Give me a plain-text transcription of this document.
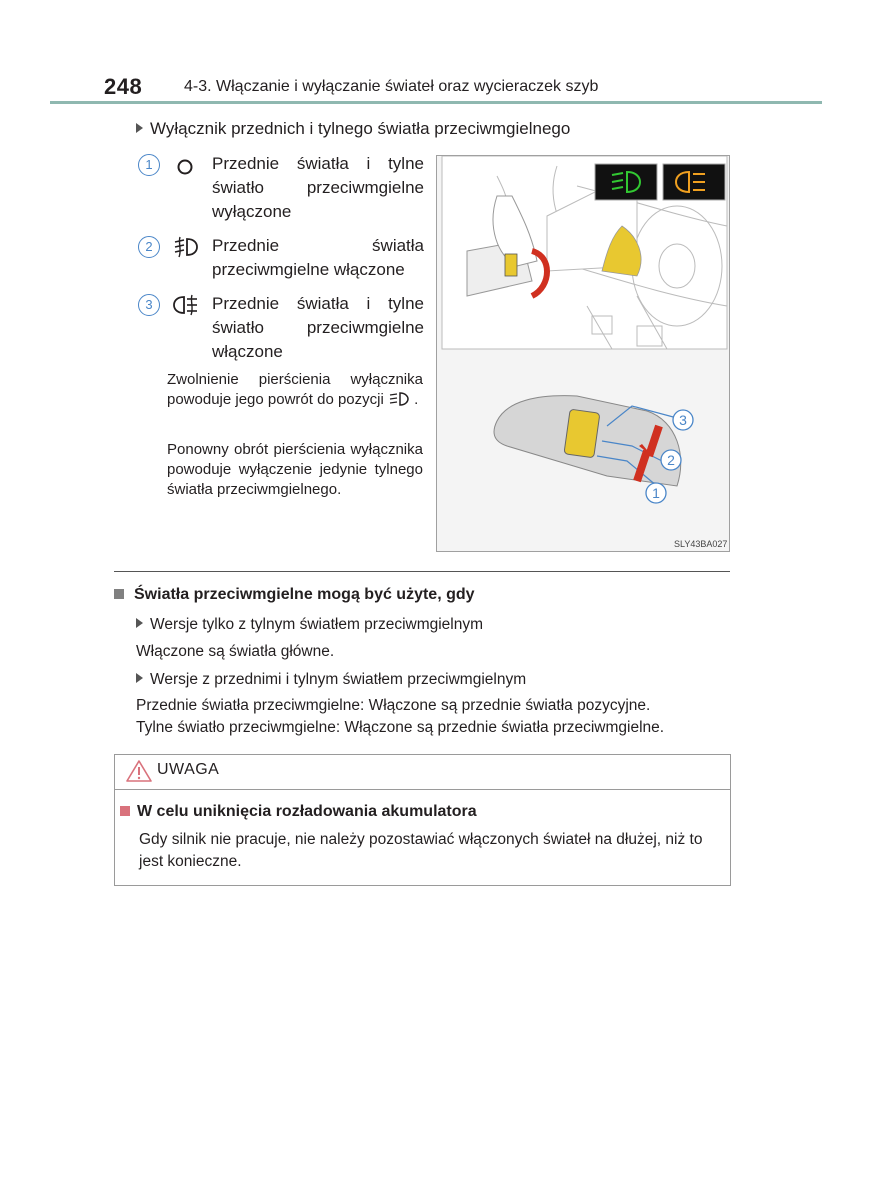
248	4-3. Włączanie i wyłączanie świateł oraz wycieraczek szyb
Wyłącznik przednich i tylnego światła przeciwmgielnego
1	Przednie światła i tylne światło przeciwmgielne wyłączone
2	Przednie światła przeciwmgielne włączone
3	Przednie światła i tylne światło przeciwmgielne włączone
Zwolnienie pierścienia wyłącznika powoduje jego powrót do pozycji .
Ponowny obrót pierścienia wyłącznika powoduje wyłączenie jedynie tylnego światła przeciwmgielnego.	1
2
3
SLY43BA027
Światła przeciwmgielne mogą być użyte, gdy
Wersje tylko z tylnym światłem przeciwmgielnym
Włączone są światła główne.
Wersje z przednimi i tylnym światłem przeciwmgielnym
Przednie światła przeciwmgielne: Włączone są przednie światła pozycyjne.
Tylne światło przeciwmgielne: Włączone są przednie światła przeciwmgielne.
UWAGA
W celu uniknięcia rozładowania akumulatora
Gdy silnik nie pracuje, nie należy pozostawiać włączonych świateł na dłużej, niż to jest konieczne.
